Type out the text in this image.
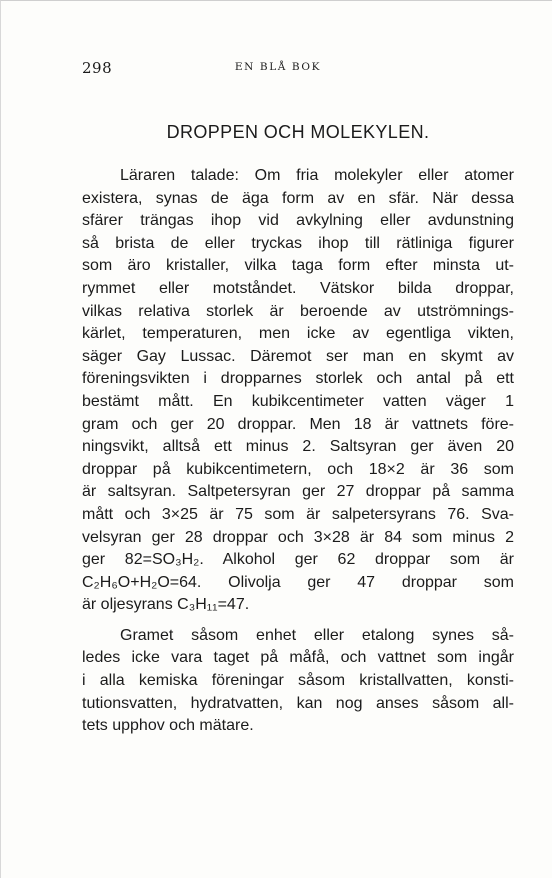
298	EN BLÅ BOK
DROPPEN OCH MOLEKYLEN.
Läraren talade: Om fria molekyler eller atomer
existera, synas de äga form av en sfär. När dessa
sfärer trängas ihop vid avkylning eller avdunstning
så brista de eller tryckas ihop till rätliniga figurer
som äro kristaller, vilka taga form efter minsta ut-
rymmet eller motståndet. Vätskor bilda droppar,
vilkas relativa storlek är beroende av utströmnings-
kärlet, temperaturen, men icke av egentliga vikten,
säger Gay Lussac. Däremot ser man en skymt av
föreningsvikten i dropparnes storlek och antal på ett
bestämt mått. En kubikcentimeter vatten väger 1
gram och ger 20 droppar. Men 18 är vattnets före-
ningsvikt, alltså ett minus 2. Saltsyran ger även 20
droppar på kubikcentimetern, och 18×2 är 36 som
är saltsyran. Saltpetersyran ger 27 droppar på samma
mått och 3×25 är 75 som är salpetersyrans 76. Sva-
velsyran ger 28 droppar och 3×28 är 84 som minus 2
ger 82=SO₃H₂. Alkohol ger 62 droppar som är
C₂H₆O+H₂O=64. Olivolja ger 47 droppar som
är oljesyrans C₃H₁₁=47.
Gramet såsom enhet eller etalong synes så-
ledes icke vara taget på måfå, och vattnet som ingår
i alla kemiska föreningar såsom kristallvatten, konsti-
tutionsvatten, hydratvatten, kan nog anses såsom all-
tets upphov och mätare.
